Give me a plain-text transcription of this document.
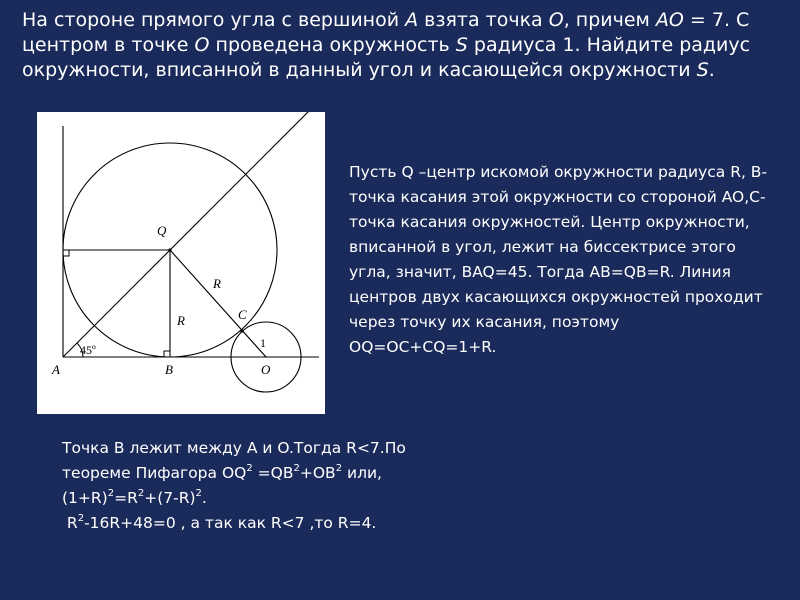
На стороне прямого угла с вершиной A взята точка O, причем AO = 7. С центром в точке O проведена окружность S радиуса 1. Найдите радиус окружности, вписанной в данный угол и касающейся окружности S.
A	B	O
Q
C
R
R
1
45º

Пусть Q –центр искомой окружности радиуса R, B-точка касания этой окружности со стороной AO,C- точка касания окружностей. Центр окружности, вписанной в угол, лежит на биссектрисе этого угла, значит, BAQ=45. Тогда AB=QB=R. Линия центров двух касающихся окружностей проходит через точку их касания, поэтому OQ=OC+CQ=1+R.

Точка B лежит между A и O.Тогда R<7.По
теореме Пифагора $OQ^2 =QB^2+OB^2$ или,
$(1+R)^2=R^2+(7-R)^2$.
$R^2-16R+48=0$ , а так как R<7 ,то R=4.
